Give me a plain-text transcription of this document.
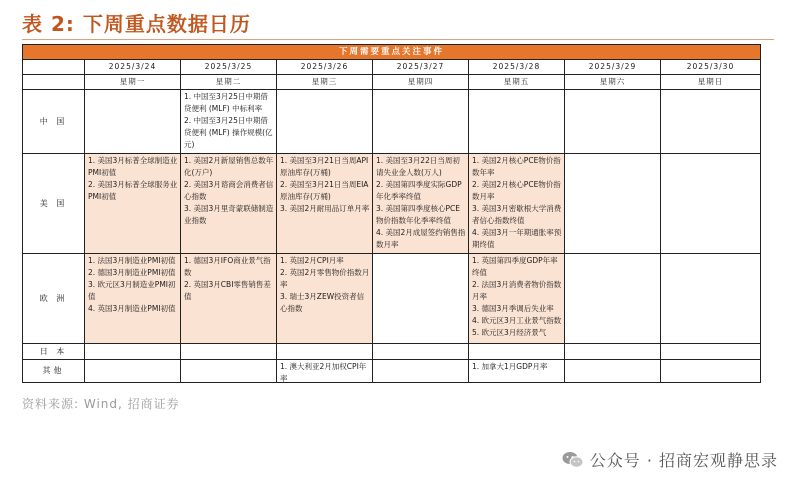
表 2: 下周重点数据日历
下周需要重点关注事件							
	2025/3/24	2025/3/25	2025/3/26	2025/3/27	2025/3/28	2025/3/29	2025/3/30
	星期一	星期二	星期三	星期四	星期五	星期六	星期日
中 国		1. 中国至3月25日中期借贷便利 (MLF) 中标利率
2. 中国至3月25日中期借贷便利 (MLF) 操作规模(亿元)					

美 国	1. 美国3月标普全球制造业PMI初值
2. 美国3月标普全球服务业PMI初值	1. 美国2月新屋销售总数年化(万户)
2. 美国3月谘商会消费者信心指数
3. 美国3月里奇蒙联储制造业指数	1. 美国至3月21日当周API原油库存(万桶)
2. 美国至3月21日当周EIA原油库存(万桶)
3. 美国2月耐用品订单月率	1. 美国至3月22日当周初请失业金人数(万人)
2. 美国第四季度实际GDP年化季率终值
3. 美国第四季度核心PCE物价指数年化季率终值
4. 美国2月成屋签约销售指数月率	1. 美国2月核心PCE物价指数年率
2. 美国2月核心PCE物价指数月率
3. 美国3月密歇根大学消费者信心指数终值
4. 美国3月一年期通胀率预期终值		

欧 洲	1. 法国3月制造业PMI初值
2. 德国3月制造业PMI初值
3. 欧元区3月制造业PMI初值
4. 英国3月制造业PMI初值	1. 德国3月IFO商业景气指数
2. 英国3月CBI零售销售差值	1. 英国2月CPI月率
2. 英国2月零售物价指数月率
3. 瑞士3月ZEW投资者信心指数		1. 英国第四季度GDP年率终值
2. 法国3月消费者物价指数月率
3. 德国3月季调后失业率
4. 欧元区3月工业景气指数
5. 欧元区3月经济景气		

日 本	

其他			1. 澳大利亚2月加权CPI年率		1. 加拿大1月GDP月率		

资料来源: Wind, 招商证券
公众号 · 招商宏观静思录
